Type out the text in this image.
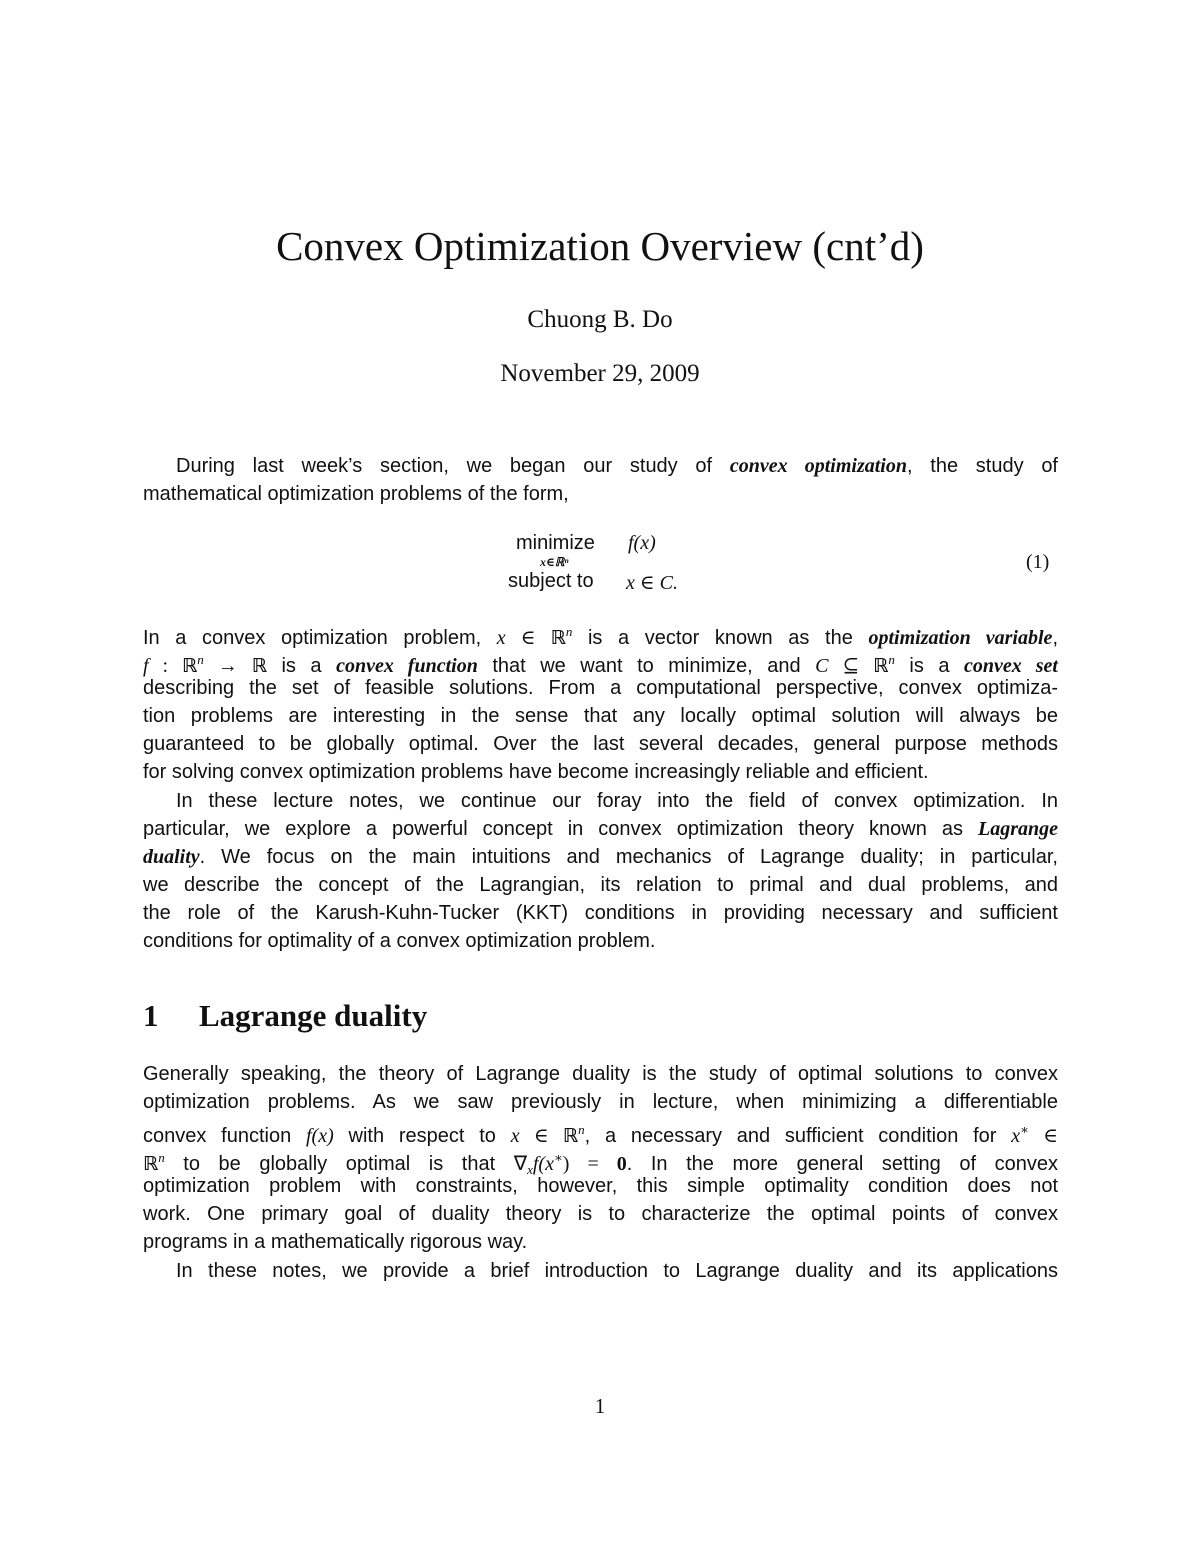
Convex Optimization Overview (cnt’d)
Chuong B. Do
November 29, 2009
During last week’s section, we began our study of convex optimization, the study of
mathematical optimization problems of the form,
minimize
x∈ℝⁿ
f(x)
subject to x ∈ C.
(1)
In a convex optimization problem, x ∈ ℝ$^n$ is a vector known as the optimization variable,
f : ℝ$^n$ → ℝ is a convex function that we want to minimize, and C ⊆ ℝ$^n$ is a convex set
describing the set of feasible solutions. From a computational perspective, convex optimiza-
tion problems are interesting in the sense that any locally optimal solution will always be
guaranteed to be globally optimal. Over the last several decades, general purpose methods
for solving convex optimization problems have become increasingly reliable and efficient.
In these lecture notes, we continue our foray into the field of convex optimization. In
particular, we explore a powerful concept in convex optimization theory known as Lagrange
duality. We focus on the main intuitions and mechanics of Lagrange duality; in particular,
we describe the concept of the Lagrangian, its relation to primal and dual problems, and
the role of the Karush-Kuhn-Tucker (KKT) conditions in providing necessary and sufficient
conditions for optimality of a convex optimization problem.
1 Lagrange duality
Generally speaking, the theory of Lagrange duality is the study of optimal solutions to convex
optimization problems. As we saw previously in lecture, when minimizing a differentiable
convex function f(x) with respect to x ∈ ℝ$^n$, a necessary and sufficient condition for x∗ ∈
ℝ$^n$ to be globally optimal is that $\nabla_xf(x^∗) = 0$. In the more general setting of convex
optimization problem with constraints, however, this simple optimality condition does not
work. One primary goal of duality theory is to characterize the optimal points of convex
programs in a mathematically rigorous way.
In these notes, we provide a brief introduction to Lagrange duality and its applications
1
